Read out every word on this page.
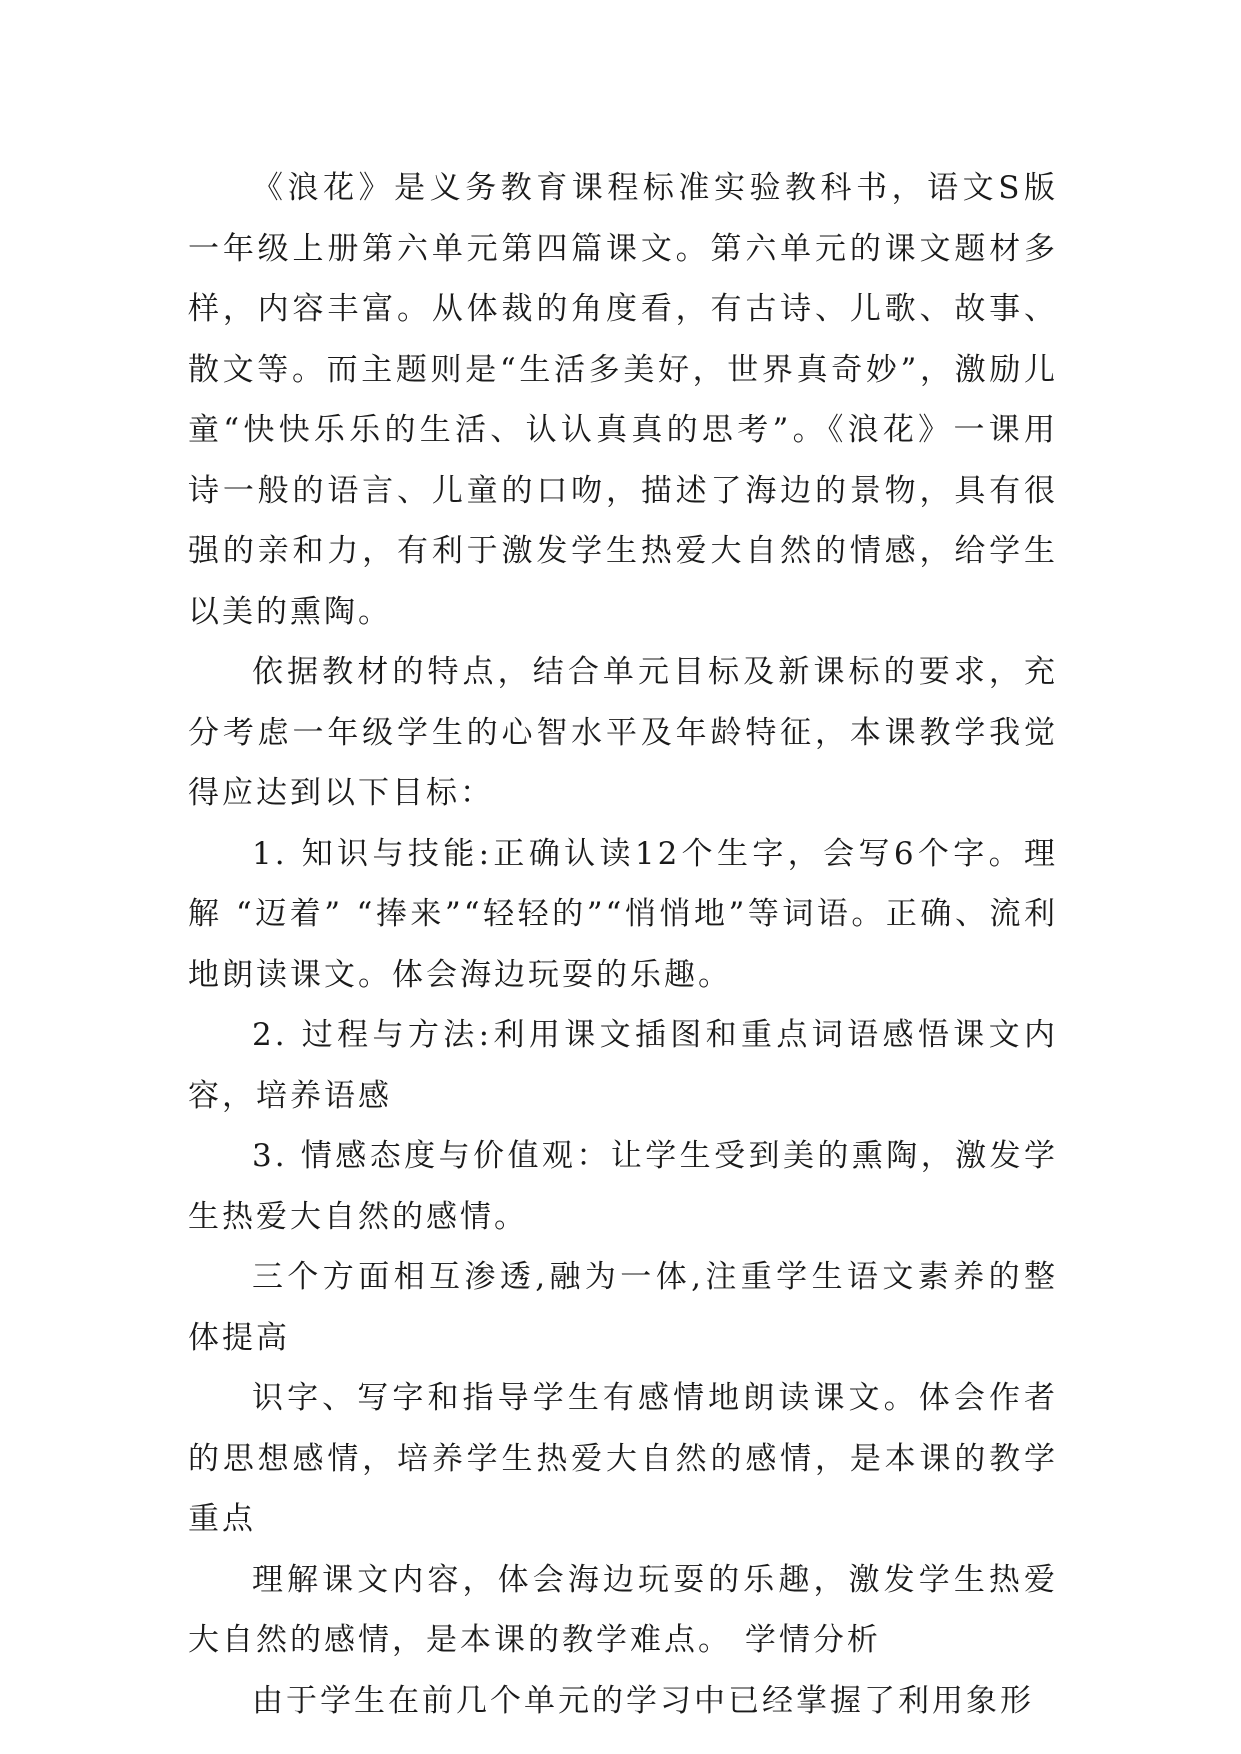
《浪花》是义务教育课程标准实验教科书，语文S版一年级上册第六单元第四篇课文。第六单元的课文题材多样，内容丰富。从体裁的角度看，有古诗、儿歌、故事、散文等。而主题则是“生活多美好，世界真奇妙”，激励儿童“快快乐乐的生活、认认真真的思考”。《浪花》一课用诗一般的语言、儿童的口吻，描述了海边的景物，具有很强的亲和力，有利于激发学生热爱大自然的情感，给学生以美的熏陶。

依据教材的特点，结合单元目标及新课标的要求，充分考虑一年级学生的心智水平及年龄特征，本课教学我觉得应达到以下目标：

1. 知识与技能:正确认读12个生字，会写6个字。理解 “迈着” “捧来”“轻轻的”“悄悄地”等词语。正确、流利地朗读课文。体会海边玩耍的乐趣。

2. 过程与方法:利用课文插图和重点词语感悟课文内容，培养语感

3. 情感态度与价值观：让学生受到美的熏陶，激发学生热爱大自然的感情。

三个方面相互渗透,融为一体,注重学生语文素养的整体提高

识字、写字和指导学生有感情地朗读课文。体会作者的思想感情，培养学生热爱大自然的感情，是本课的教学重点

理解课文内容，体会海边玩耍的乐趣，激发学生热爱大自然的感情，是本课的教学难点。 学情分析

由于学生在前几个单元的学习中已经掌握了利用象形
